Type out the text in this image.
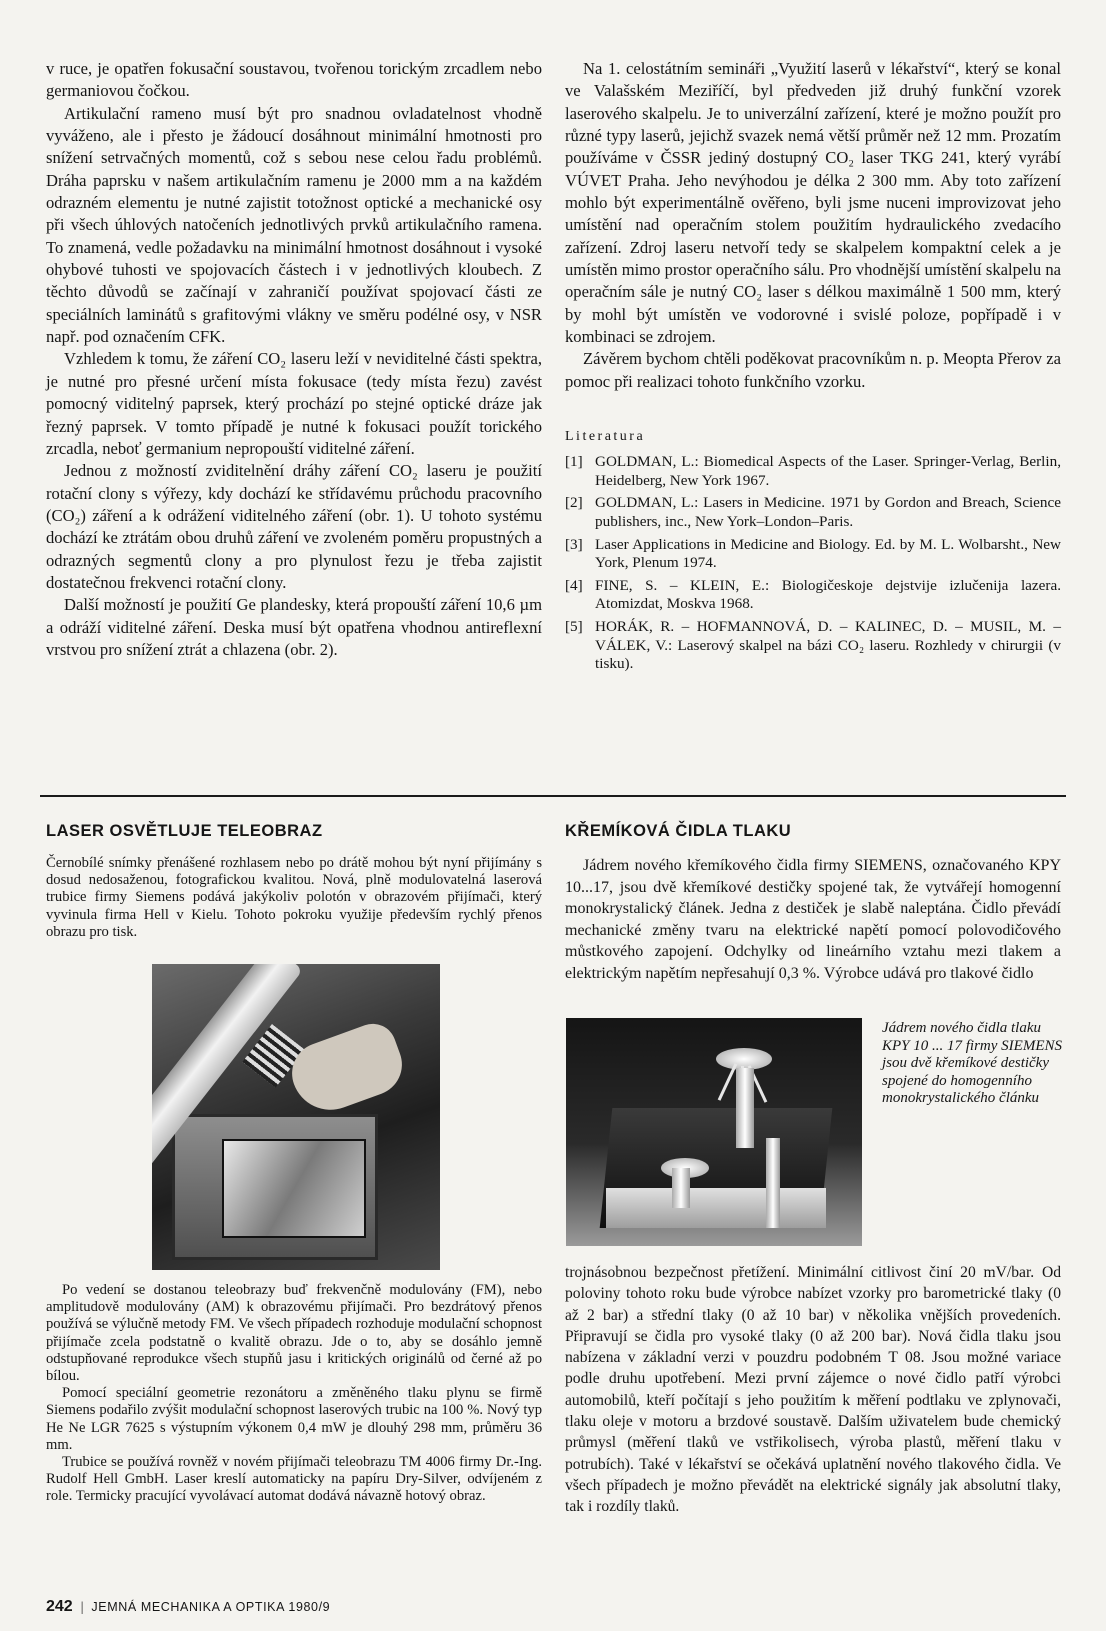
v ruce, je opatřen fokusační soustavou, tvořenou torickým zrcadlem nebo germaniovou čočkou.

Artikulační rameno musí být pro snadnou ovladatelnost vhodně vyváženo, ale i přesto je žádoucí dosáhnout minimální hmotnosti pro snížení setrvačných momentů, což s sebou nese celou řadu problémů. Dráha paprsku v našem artikulačním ramenu je 2000 mm a na každém odrazném elementu je nutné zajistit totožnost optické a mechanické osy při všech úhlových natočeních jednotlivých prvků artikulačního ramena. To znamená, vedle požadavku na minimální hmotnost dosáhnout i vysoké ohybové tuhosti ve spojovacích částech i v jednotlivých kloubech. Z těchto důvodů se začínají v zahraničí používat spojovací části ze speciálních laminátů s grafitovými vlákny ve směru podélné osy, v NSR např. pod označením CFK.

Vzhledem k tomu, že záření CO₂ laseru leží v neviditelné části spektra, je nutné pro přesné určení místa fokusace (tedy místa řezu) zavést pomocný viditelný paprsek, který prochází po stejné optické dráze jak řezný paprsek. V tomto případě je nutné k fokusaci použít torického zrcadla, neboť germanium nepropouští viditelné záření.

Jednou z možností zviditelnění dráhy záření CO₂ laseru je použití rotační clony s výřezy, kdy dochází ke střídavému průchodu pracovního (CO₂) záření a k odrážení viditelného záření (obr. 1). U tohoto systému dochází ke ztrátám obou druhů záření ve zvoleném poměru propustných a odrazných segmentů clony a pro plynulost řezu je třeba zajistit dostatečnou frekvenci rotační clony.

Další možností je použití Ge plandesky, která propouští záření 10,6 µm a odráží viditelné záření. Deska musí být opatřena vhodnou antireflexní vrstvou pro snížení ztrát a chlazena (obr. 2).

Na 1. celostátním semináři „Využití laserů v lékařství“, který se konal ve Valašském Meziříčí, byl předveden již druhý funkční vzorek laserového skalpelu. Je to univerzální zařízení, které je možno použít pro různé typy laserů, jejichž svazek nemá větší průměr než 12 mm. Prozatím používáme v ČSSR jediný dostupný CO₂ laser TKG 241, který vyrábí VÚVET Praha. Jeho nevýhodou je délka 2 300 mm. Aby toto zařízení mohlo být experimentálně ověřeno, byli jsme nuceni improvizovat jeho umístění nad operačním stolem použitím hydraulického zvedacího zařízení. Zdroj laseru netvoří tedy se skalpelem kompaktní celek a je umístěn mimo prostor operačního sálu. Pro vhodnější umístění skalpelu na operačním sále je nutný CO₂ laser s délkou maximálně 1 500 mm, který by mohl být umístěn ve vodorovné i svislé poloze, popřípadě i v kombinaci se zdrojem.

Závěrem bychom chtěli poděkovat pracovníkům n. p. Meopta Přerov za pomoc při realizaci tohoto funkčního vzorku.

Literatura
[1] GOLDMAN, L.: Biomedical Aspects of the Laser. Springer-Verlag, Berlin, Heidelberg, New York 1967.
[2] GOLDMAN, L.: Lasers in Medicine. 1971 by Gordon and Breach, Science publishers, inc., New York–London–Paris.
[3] Laser Applications in Medicine and Biology. Ed. by M. L. Wolbarsht., New York, Plenum 1974.
[4] FINE, S. – KLEIN, E.: Biologičeskoje dejstvije izlučenija lazera. Atomizdat, Moskva 1968.
[5] HORÁK, R. – HOFMANNOVÁ, D. – KALINEC, D. – MUSIL, M. – VÁLEK, V.: Laserový skalpel na bázi CO₂ laseru. Rozhledy v chirurgii (v tisku).
LASER OSVĚTLUJE TELEOBRAZ

Černobílé snímky přenášené rozhlasem nebo po drátě mohou být nyní přijímány s dosud nedosaženou, fotografickou kvalitou. Nová, plně modulovatelná laserová trubice firmy Siemens podává jakýkoliv polotón v obrazovém přijímači, který vyvinula firma Hell v Kielu. Tohoto pokroku využije především rychlý přenos obrazu pro tisk.

Po vedení se dostanou teleobrazy buď frekvenčně modulovány (FM), nebo amplitudově modulovány (AM) k obrazovému přijímači. Pro bezdrátový přenos používá se výlučně metody FM. Ve všech případech rozhoduje modulační schopnost přijímače zcela podstatně o kvalitě obrazu. Jde o to, aby se dosáhlo jemně odstupňované reprodukce všech stupňů jasu i kritických originálů od černé až po bílou.

Pomocí speciální geometrie rezonátoru a změněného tlaku plynu se firmě Siemens podařilo zvýšit modulační schopnost laserových trubic na 100 %. Nový typ He Ne LGR 7625 s výstupním výkonem 0,4 mW je dlouhý 298 mm, průměru 36 mm.

Trubice se používá rovněž v novém přijímači teleobrazu TM 4006 firmy Dr.-Ing. Rudolf Hell GmbH. Laser kreslí automaticky na papíru Dry-Silver, odvíjeném z role. Termicky pracující vyvolávací automat dodává návazně hotový obraz.

KŘEMÍKOVÁ ČIDLA TLAKU

Jádrem nového křemíkového čidla firmy SIEMENS, označovaného KPY 10...17, jsou dvě křemíkové destičky spojené tak, že vytvářejí homogenní monokrystalický článek. Jedna z destiček je slabě naleptána. Čidlo převádí mechanické změny tvaru na elektrické napětí pomocí polovodičového můstkového zapojení. Odchylky od lineárního vztahu mezi tlakem a elektrickým napětím nepřesahují 0,3 %. Výrobce udává pro tlakové čidlo

Jádrem nového čidla tlaku KPY 10 ... 17 firmy SIEMENS jsou dvě křemíkové destičky spojené do homogenního monokrystalického článku

trojnásobnou bezpečnost přetížení. Minimální citlivost činí 20 mV/bar. Od poloviny tohoto roku bude výrobce nabízet vzorky pro barometrické tlaky (0 až 2 bar) a střední tlaky (0 až 10 bar) v několika vnějších provedeních. Připravují se čidla pro vysoké tlaky (0 až 200 bar). Nová čidla tlaku jsou nabízena v základní verzi v pouzdru podobném T 08. Jsou možné variace podle druhu upotřebení. Mezi první zájemce o nové čidlo patří výrobci automobilů, kteří počítají s jeho použitím k měření podtlaku ve zplynovači, tlaku oleje v motoru a brzdové soustavě. Dalším uživatelem bude chemický průmysl (měření tlaků ve vstřikolisech, výroba plastů, měření tlaku v potrubích). Také v lékařství se očekává uplatnění nového tlakového čidla. Ve všech případech je možno převádět na elektrické signály jak absolutní tlaky, tak i rozdíly tlaků.

242 | JEMNÁ MECHANIKA A OPTIKA 1980/9
